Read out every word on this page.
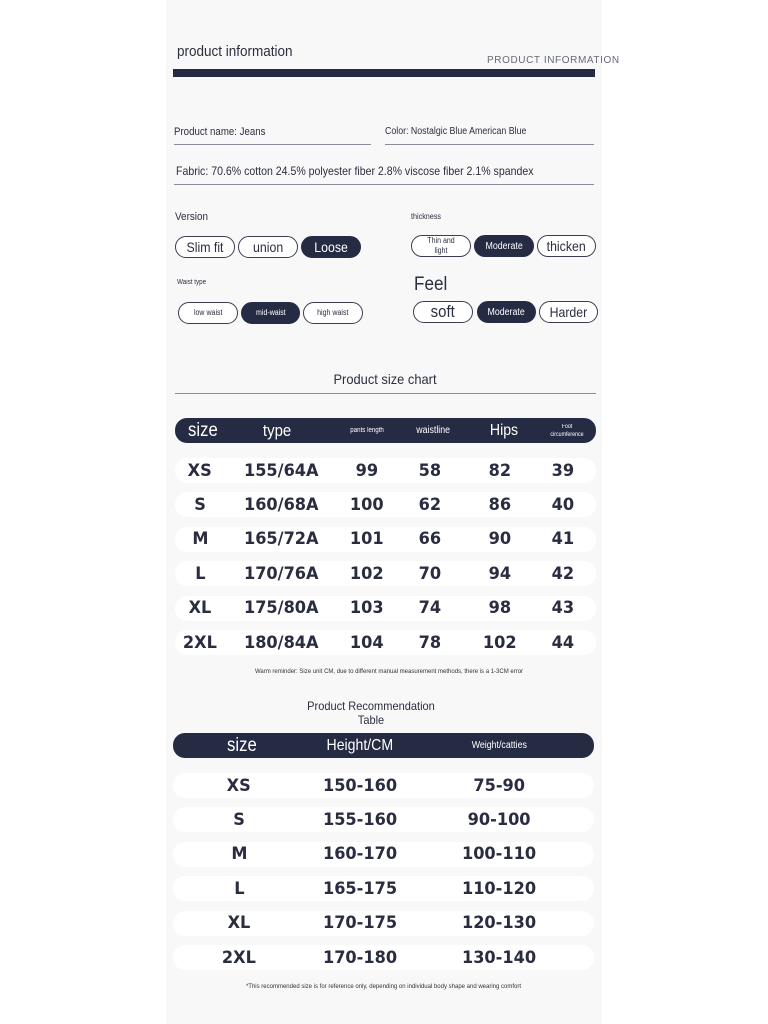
product information
PRODUCT INFORMATION
Product name: Jeans	Color: Nostalgic Blue American Blue
Fabric: 70.6% cotton 24.5% polyester fiber 2.8% viscose fiber 2.1% spandex
Version
Slim fit union Loose
thickness
Thin and light	Moderate thicken
Waist type
low waist	mid-waist	high waist
Feel
soft	Moderate Harder
Product size chart
size	type	pants length	waistline	Hips	Foot circumference
XS 155/64A 99 58	82 39
S 160/68A 100 62	86 40
M 165/72A 101 66	90 41
L 170/76A 102 70	94 42
XL 175/80A 103 74	98 43
2XL 180/84A 104 78 102 44
Warm reminder: Size unit CM, due to different manual measurement methods, there is a 1-3CM error
Product Recommendation
Table
size	Height/CM	Weight/catties
XS	150-160	75-90
S	155-160	90-100
M	160-170	100-110
L	165-175	110-120
XL	170-175	120-130
2XL	170-180	130-140
*This recommended size is for reference only, depending on individual body shape and wearing comfort
